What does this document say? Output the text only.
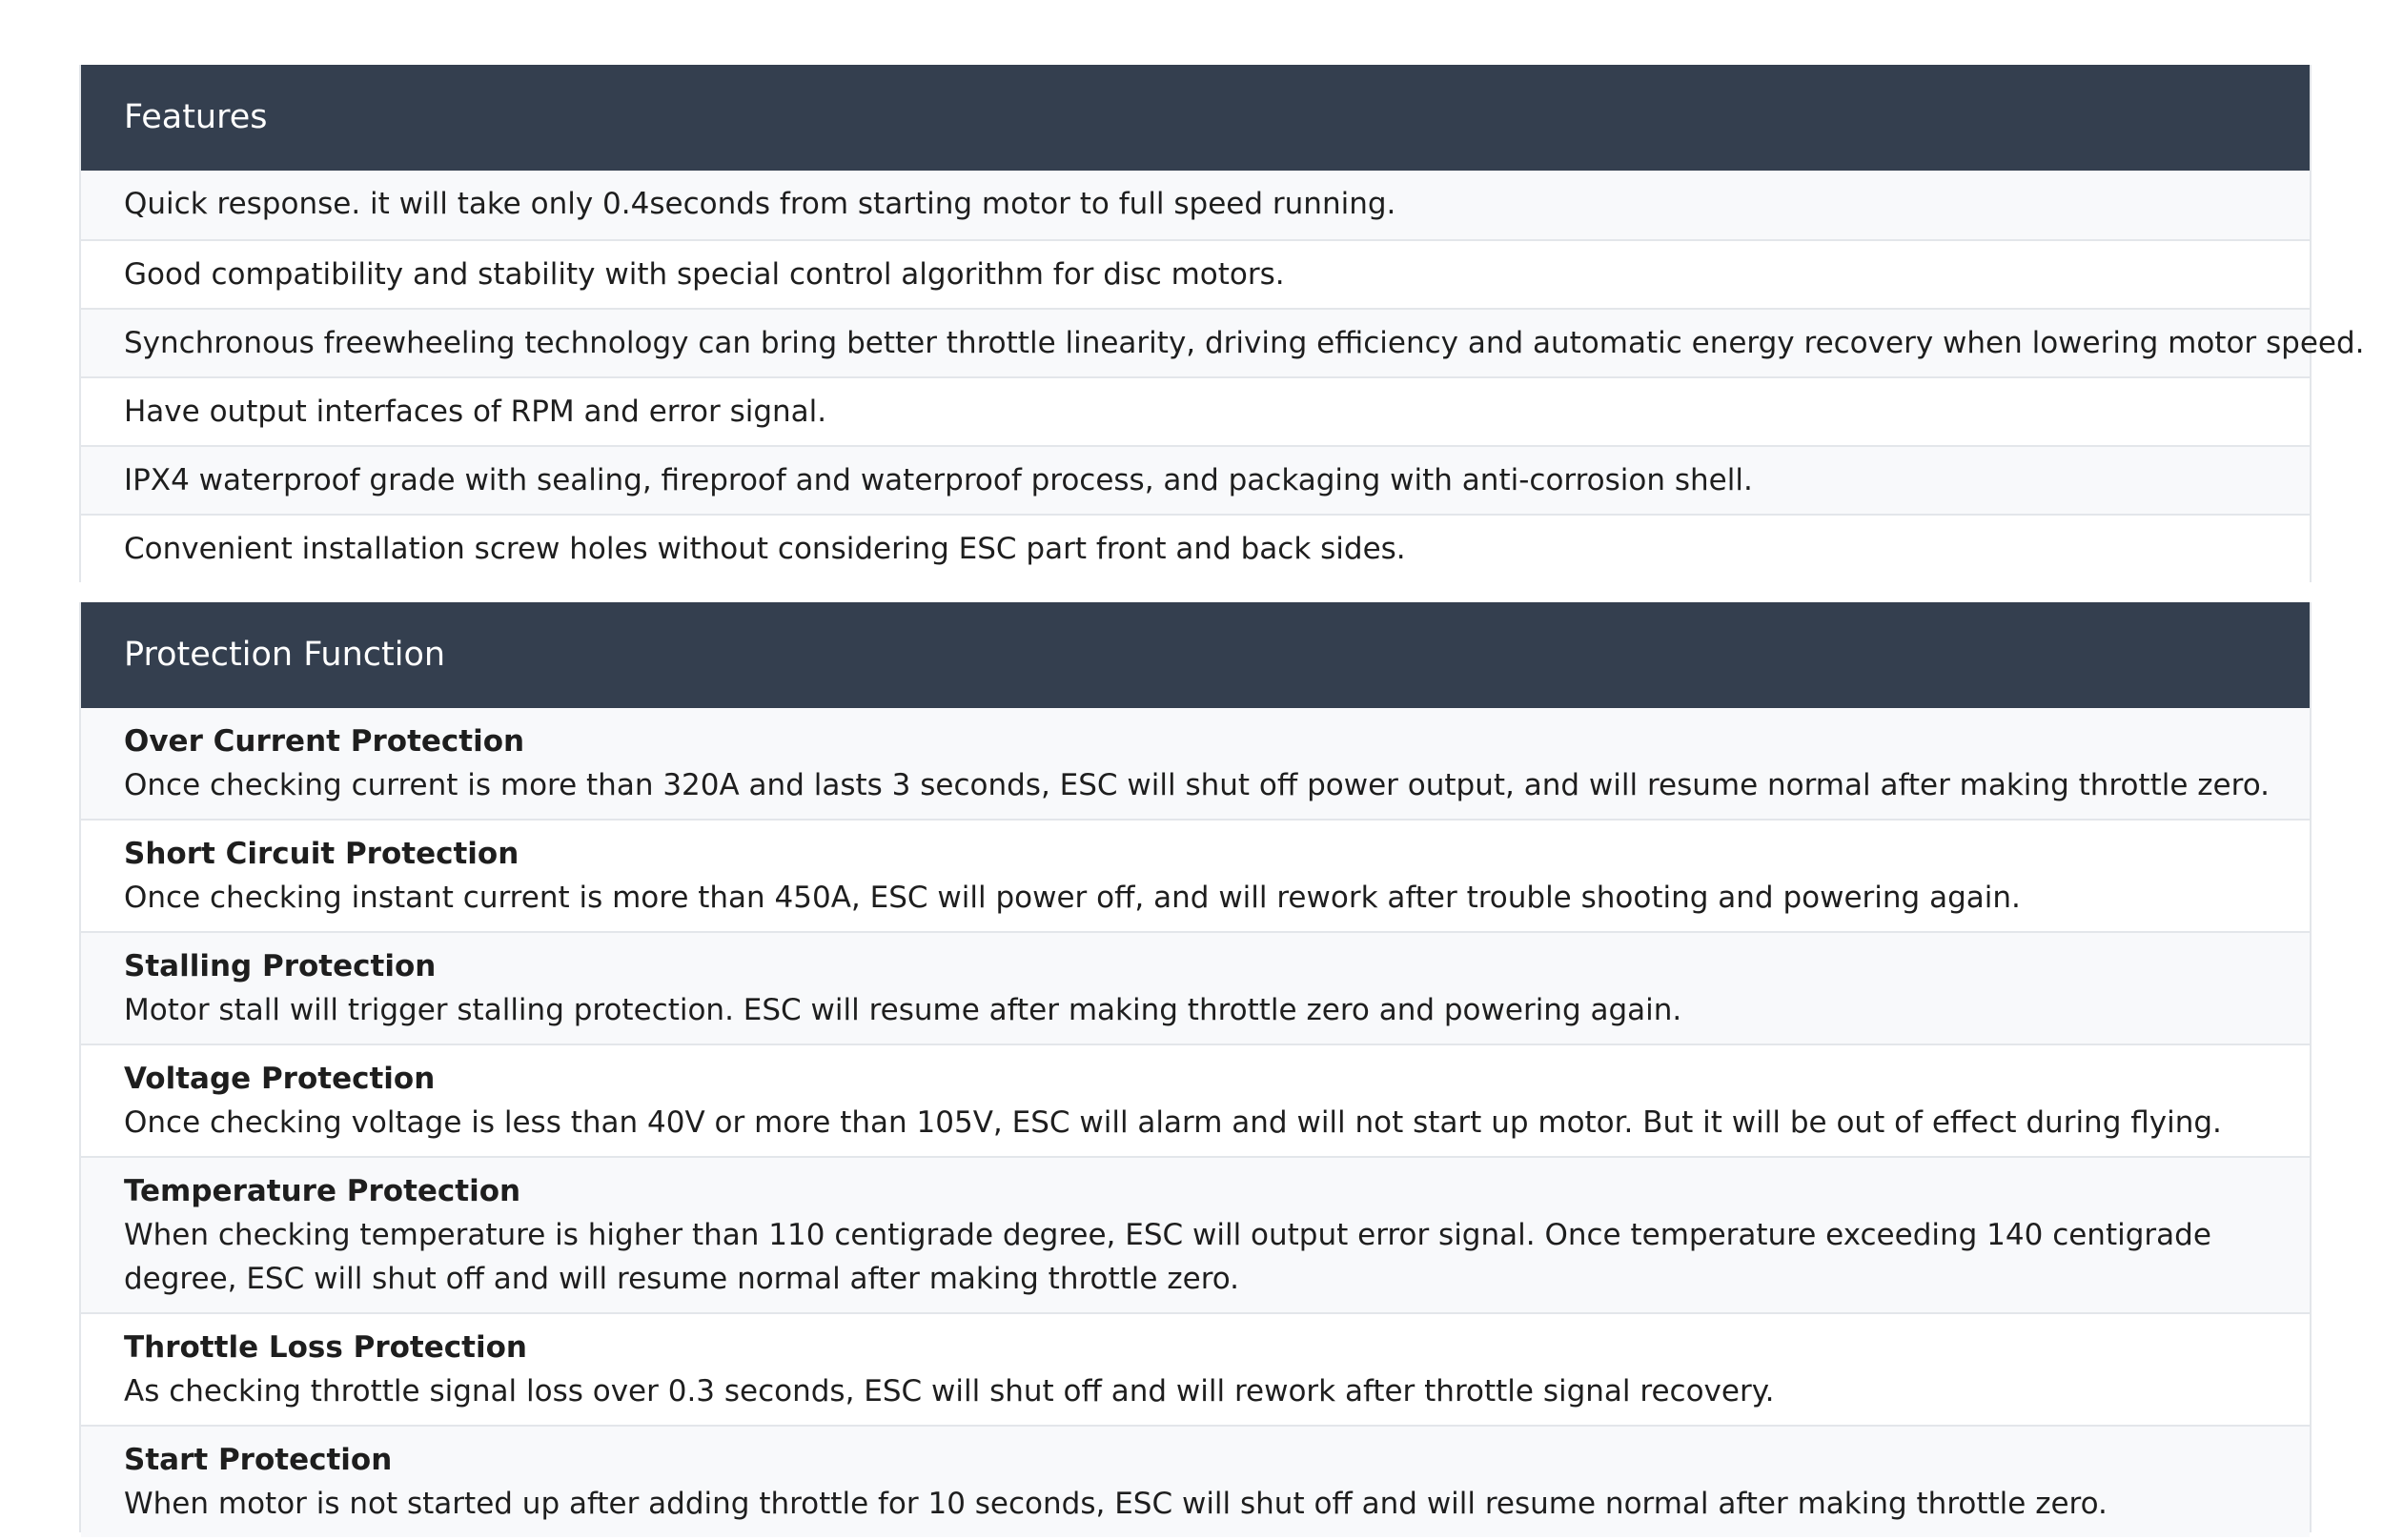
Features
Quick response. it will take only 0.4seconds from starting motor to full speed running.
Good compatibility and stability with special control algorithm for disc motors.
Synchronous freewheeling technology can bring better throttle linearity, driving efficiency and automatic energy recovery when lowering motor speed.
Have output interfaces of RPM and error signal.
IPX4 waterproof grade with sealing, fireproof and waterproof process, and packaging with anti-corrosion shell.
Convenient installation screw holes without considering ESC part front and back sides.
Protection Function
Over Current Protection
Once checking current is more than 320A and lasts 3 seconds, ESC will shut off power output, and will resume normal after making throttle zero.
Short Circuit Protection
Once checking instant current is more than 450A, ESC will power off, and will rework after trouble shooting and powering again.
Stalling Protection
Motor stall will trigger stalling protection. ESC will resume after making throttle zero and powering again.
Voltage Protection
Once checking voltage is less than 40V or more than 105V, ESC will alarm and will not start up motor. But it will be out of effect during flying.
Temperature Protection
When checking temperature is higher than 110 centigrade degree, ESC will output error signal. Once temperature exceeding 140 centigrade degree, ESC will shut off and will resume normal after making throttle zero.
Throttle Loss Protection
As checking throttle signal loss over 0.3 seconds, ESC will shut off and will rework after throttle signal recovery.
Start Protection
When motor is not started up after adding throttle for 10 seconds, ESC will shut off and will resume normal after making throttle zero.
